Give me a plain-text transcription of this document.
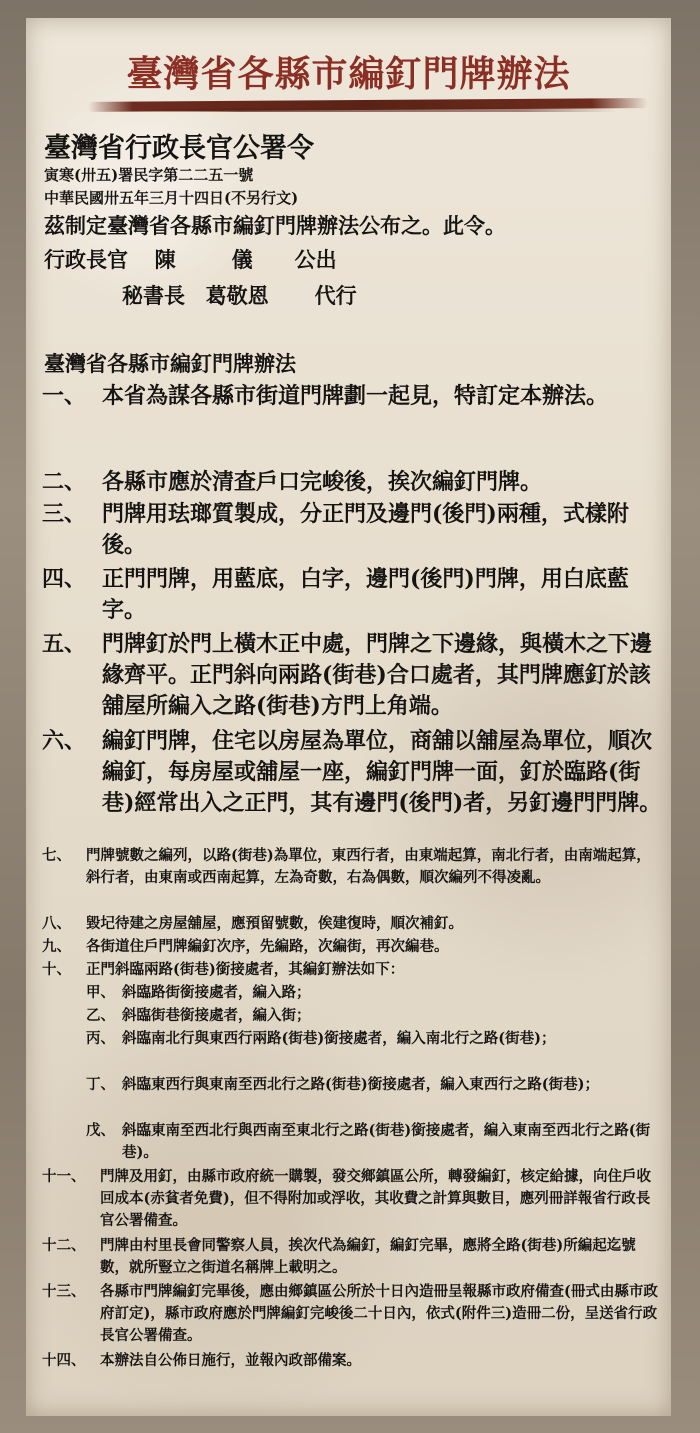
臺灣省各縣市編釘門牌辦法
臺灣省行政長官公署令
寅寒(卅五)署民字第二二五一號
中華民國卅五年三月十四日(不另行文)
茲制定臺灣省各縣市編釘門牌辦法公布之。此令。
行政長官 陳	儀 公出
秘書長 葛敬恩 代行
臺灣省各縣市編釘門牌辦法
一、 本省為謀各縣市街道門牌劃一起見，特訂定本辦法。
二、 各縣市應於清查戶口完峻後，挨次編釘門牌。
三、 門牌用珐瑯質製成，分正門及邊門(後門)兩種，式樣附後。
四、 正門門牌，用藍底，白字，邊門(後門)門牌，用白底藍字。
五、 門牌釘於門上橫木正中處，門牌之下邊緣，與橫木之下邊緣齊平。正門斜向兩路(街巷)合口處者，其門牌應釘於該舖屋所編入之路(街巷)方門上角端。
六、 編釘門牌，住宅以房屋為單位，商舖以舖屋為單位，順次編釘，每房屋或舖屋一座，編釘門牌一面，釘於臨路(街巷)經常出入之正門，其有邊門(後門)者，另釘邊門門牌。
七、 門牌號數之編列，以路(街巷)為單位，東西行者，由東端起算，南北行者，由南端起算，斜行者，由東南或西南起算，左為奇數，右為偶數，順次編列不得凌亂。
八、 毀圮待建之房屋舖屋，應預留號數，俟建復時，順次補釘。
九、 各街道住戶門牌編釘次序，先編路，次編街，再次編巷。
十、 正門斜臨兩路(街巷)銜接處者，其編釘辦法如下：
甲、 斜臨路街銜接處者，編入路；
乙、 斜臨街巷銜接處者，編入街；
丙、 斜臨南北行與東西行兩路(街巷)銜接處者，編入南北行之路(街巷)；
丁、 斜臨東西行與東南至西北行之路(街巷)銜接處者，編入東西行之路(街巷)；
戊、 斜臨東南至西北行與西南至東北行之路(街巷)銜接處者，編入東南至西北行之路(街巷)。
十一、 門牌及用釘，由縣市政府統一購製，發交鄉鎮區公所，轉發編釘，核定給據，向住戶收回成本(赤貧者免費)，但不得附加或浮收，其收費之計算與數目，應列冊詳報省行政長官公署備查。
十二、 門牌由村里長會同警察人員，挨次代為編釘，編釘完畢，應將全路(街巷)所編起迄號數，就所豎立之街道名稱牌上載明之。
十三、 各縣市門牌編釘完畢後，應由鄉鎮區公所於十日內造冊呈報縣市政府備查(冊式由縣市政府訂定)，縣市政府應於門牌編釘完峻後二十日內，依式(附件三)造冊二份，呈送省行政長官公署備查。
十四、 本辦法自公佈日施行，並報內政部備案。
